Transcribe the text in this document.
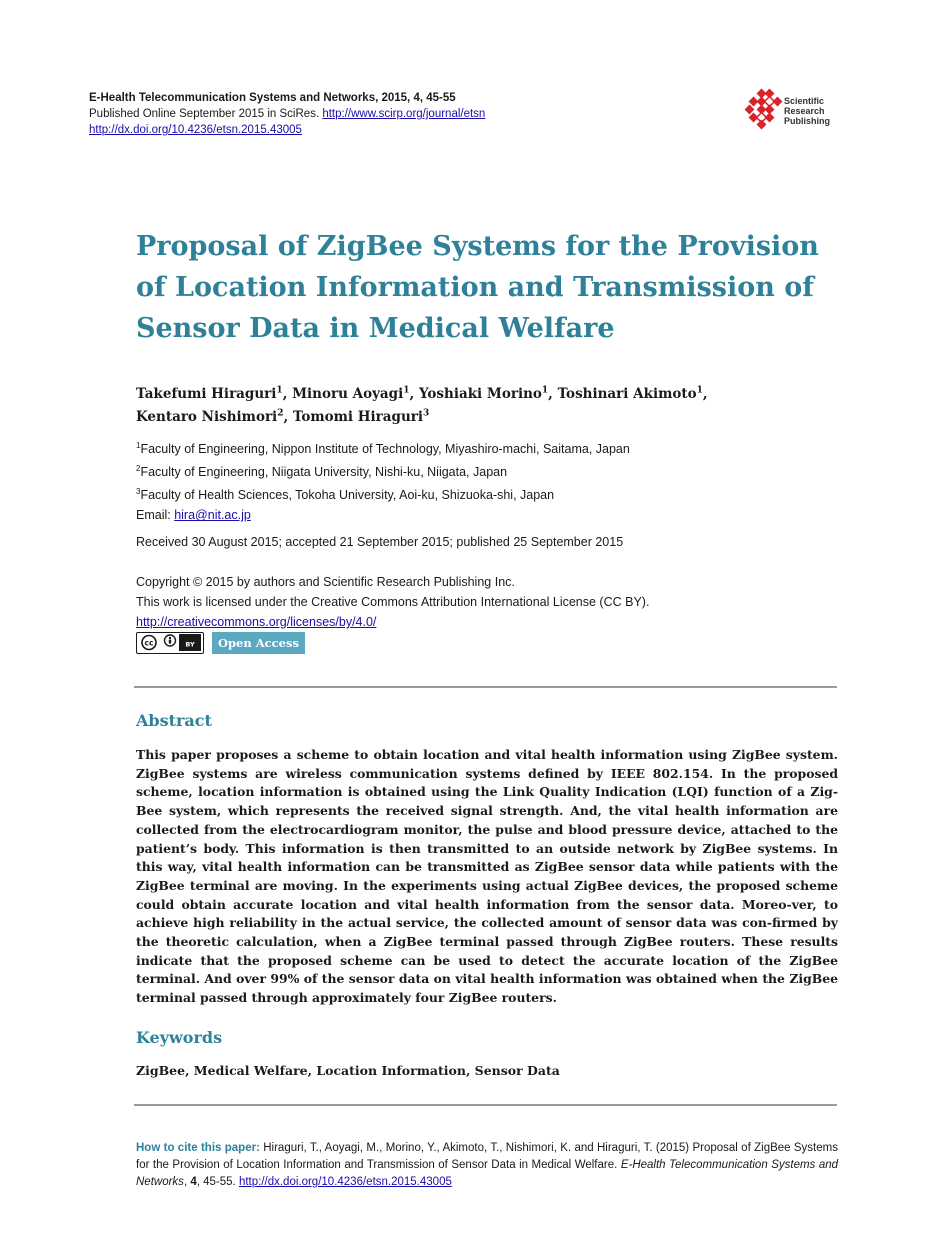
E-Health Telecommunication Systems and Networks, 2015, 4, 45-55
Published Online September 2015 in SciRes. http://www.scirp.org/journal/etsn
http://dx.doi.org/10.4236/etsn.2015.43005
Scientific
Research
Publishing
Proposal of ZigBee Systems for the Provision of Location Information and Transmission of Sensor Data in Medical Welfare
Takefumi Hiraguri$^1$, Minoru Aoyagi$^1$, Yoshiaki Morino$^1$, Toshinari Akimoto$^1$,
Kentaro Nishimori$^2$, Tomomi Hiraguri$^3$
$^1$Faculty of Engineering, Nippon Institute of Technology, Miyashiro-machi, Saitama, Japan
$^2$Faculty of Engineering, Niigata University, Nishi-ku, Niigata, Japan
$^3$Faculty of Health Sciences, Tokoha University, Aoi-ku, Shizuoka-shi, Japan
Email: hira@nit.ac.jp
Received 30 August 2015; accepted 21 September 2015; published 25 September 2015
Copyright © 2015 by authors and Scientific Research Publishing Inc.
This work is licensed under the Creative Commons Attribution International License (CC BY).
http://creativecommons.org/licenses/by/4.0/
cc	BY	Open Access
Abstract

This paper proposes a scheme to obtain location and vital health information using ZigBee system. ZigBee systems are wireless communication systems defined by IEEE 802.154. In the proposed scheme, location information is obtained using the Link Quality Indication (LQI) function of a Zig-Bee system, which represents the received signal strength. And, the vital health information are collected from the electrocardiogram monitor, the pulse and blood pressure device, attached to the patient’s body. This information is then transmitted to an outside network by ZigBee systems. In this way, vital health information can be transmitted as ZigBee sensor data while patients with the ZigBee terminal are moving. In the experiments using actual ZigBee devices, the proposed scheme could obtain accurate location and vital health information from the sensor data. Moreo-ver, to achieve high reliability in the actual service, the collected amount of sensor data was con-firmed by the theoretic calculation, when a ZigBee terminal passed through ZigBee routers. These results indicate that the proposed scheme can be used to detect the accurate location of the ZigBee terminal. And over 99% of the sensor data on vital health information was obtained when the ZigBee terminal passed through approximately four ZigBee routers.

Keywords
ZigBee, Medical Welfare, Location Information, Sensor Data
How to cite this paper: Hiraguri, T., Aoyagi, M., Morino, Y., Akimoto, T., Nishimori, K. and Hiraguri, T. (2015) Proposal of ZigBee Systems for the Provision of Location Information and Transmission of Sensor Data in Medical Welfare. E-Health Telecommunication Systems and Networks, 4, 45-55. http://dx.doi.org/10.4236/etsn.2015.43005
